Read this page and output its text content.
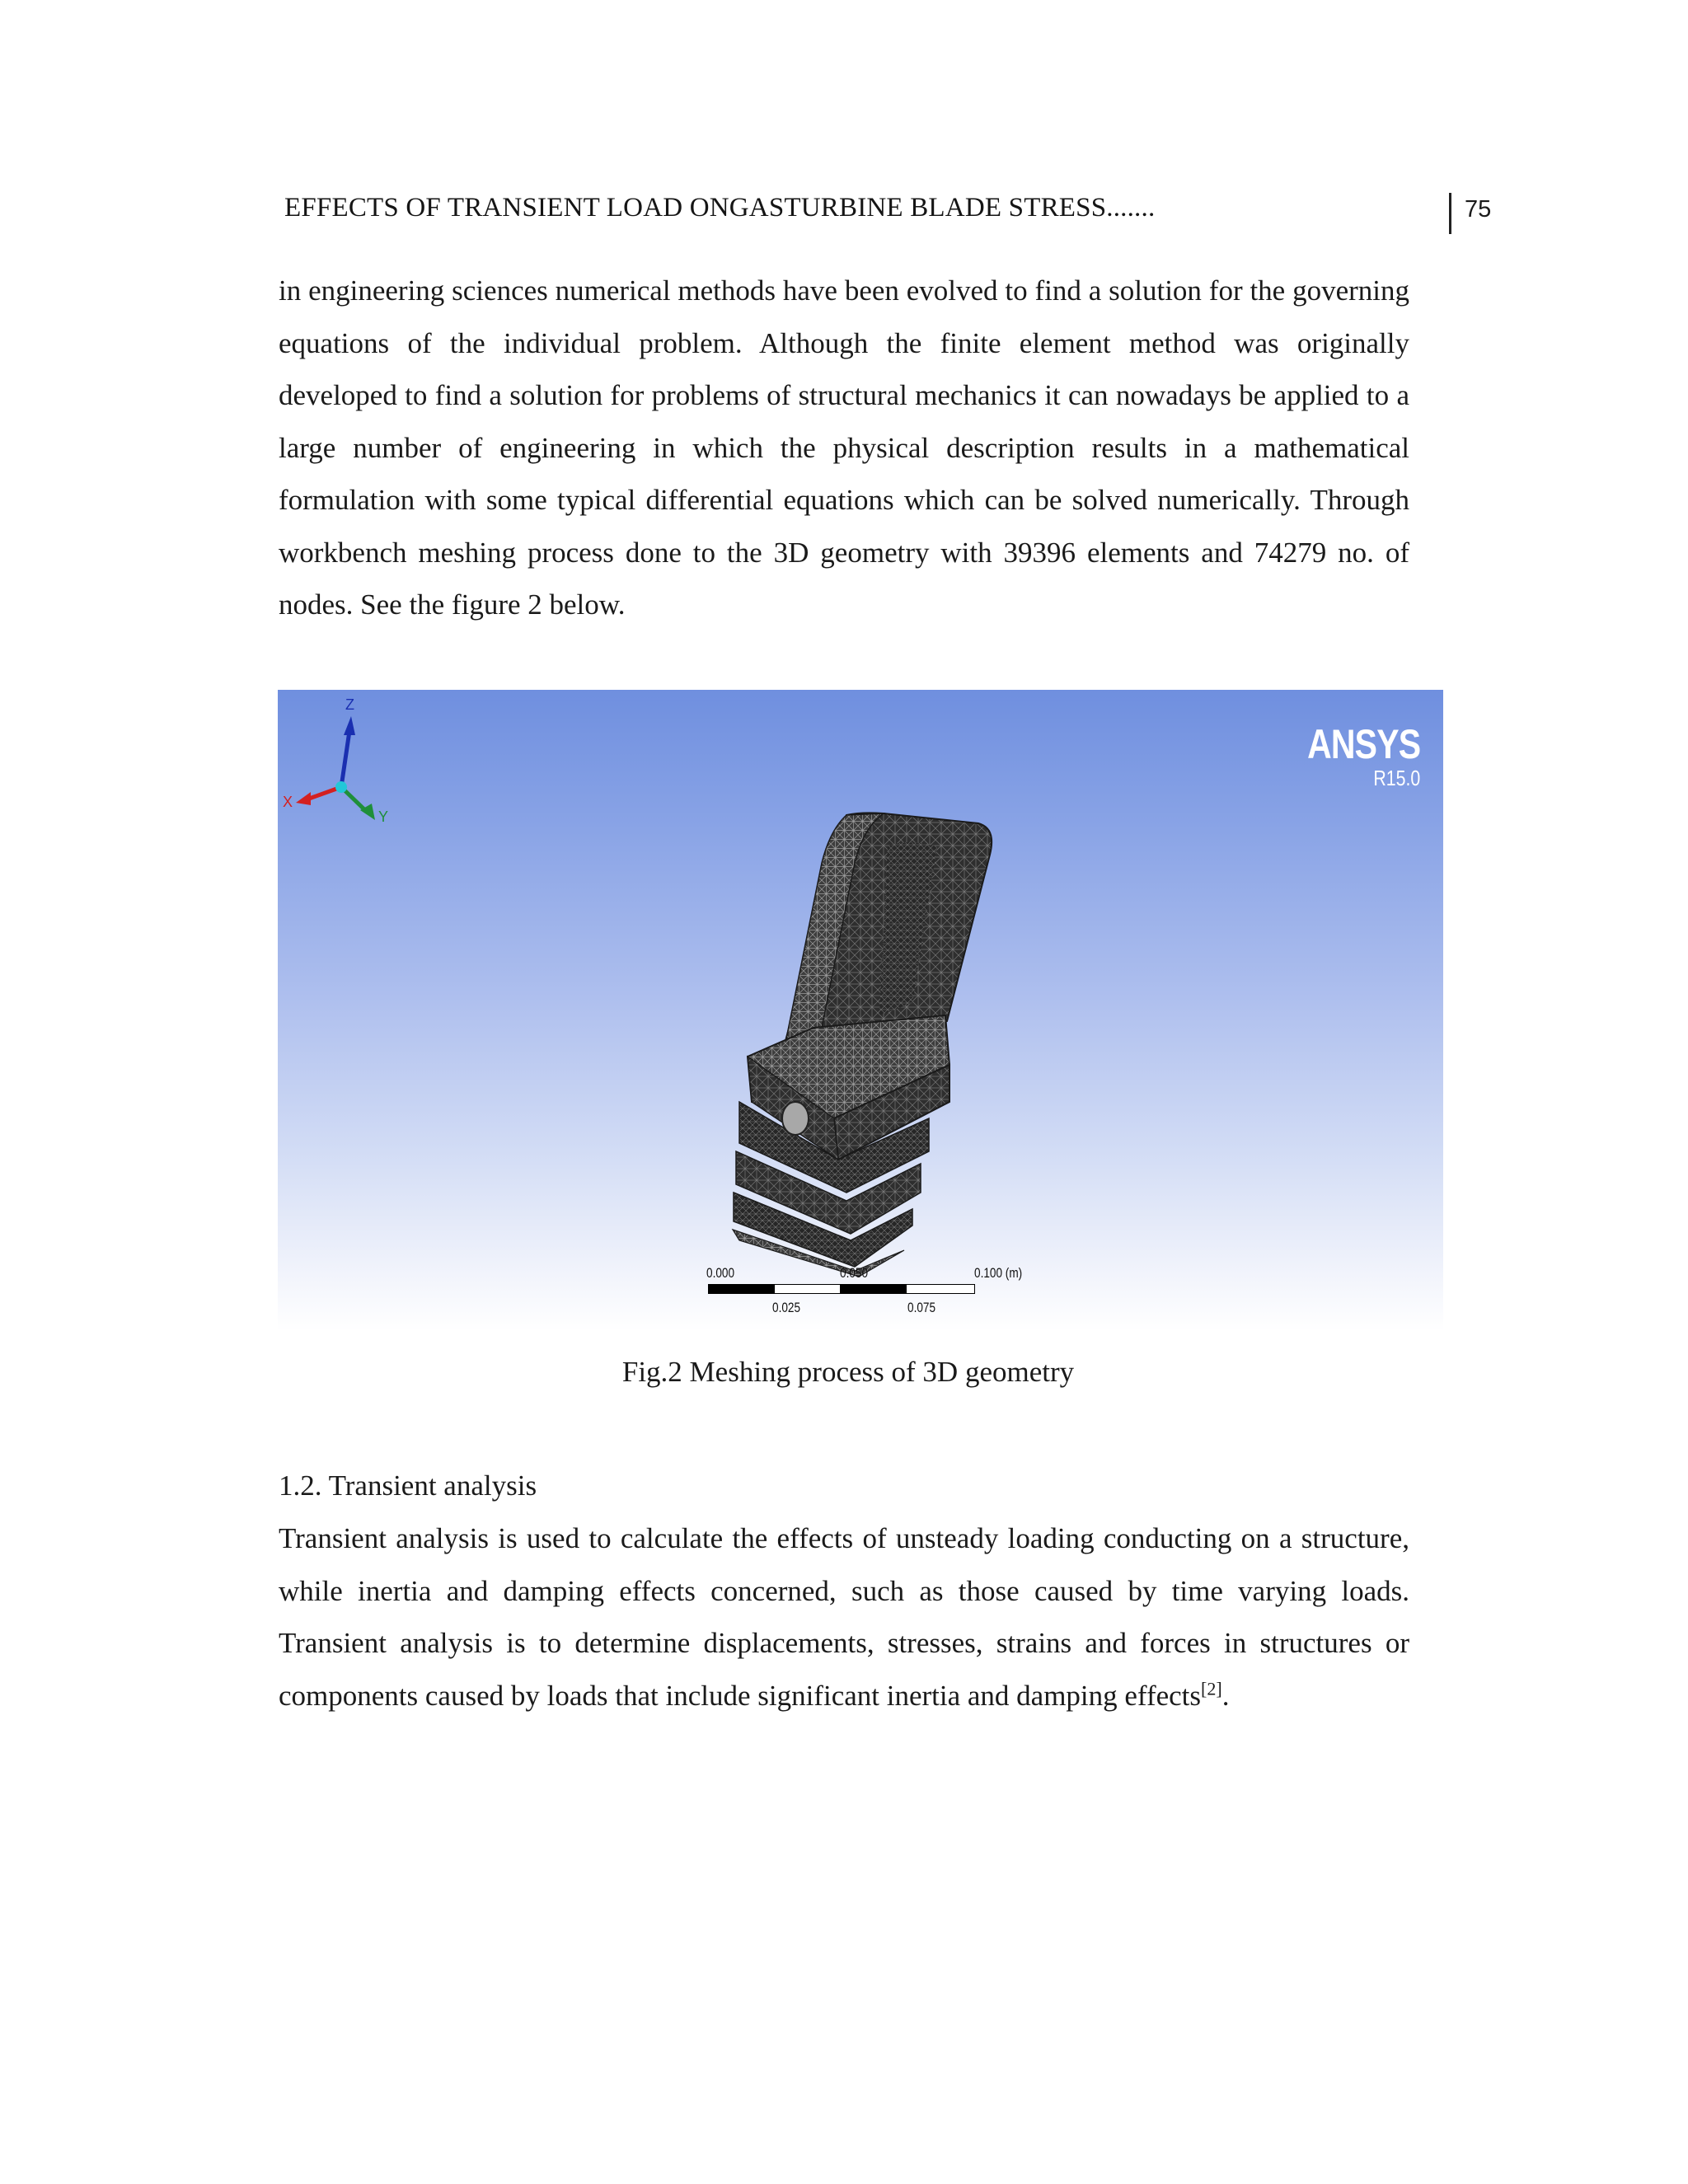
EFFECTS OF TRANSIENT LOAD ONGASTURBINE BLADE STRESS.......	75

in engineering sciences numerical methods have been evolved to find a solution for the governing equations of the individual problem. Although the finite element method was originally developed to find a solution for problems of structural mechanics it can nowadays be applied to a large number of engineering in which the physical description results in a mathematical formulation with some typical differential equations which can be solved numerically. Through workbench meshing process done to the 3D geometry with 39396 elements and 74279 no. of nodes. See the figure 2 below.

ANSYS
R15.0
0.000	0.050	0.100 (m)
0.025	0.075
Z
X
Y
Fig.2 Meshing process of 3D geometry
1.2. Transient analysis

Transient analysis is used to calculate the effects of unsteady loading conducting on a structure, while inertia and damping effects concerned, such as those caused by time varying loads. Transient analysis is to determine displacements, stresses, strains and forces in structures or components caused by loads that include significant inertia and damping effects[2].
